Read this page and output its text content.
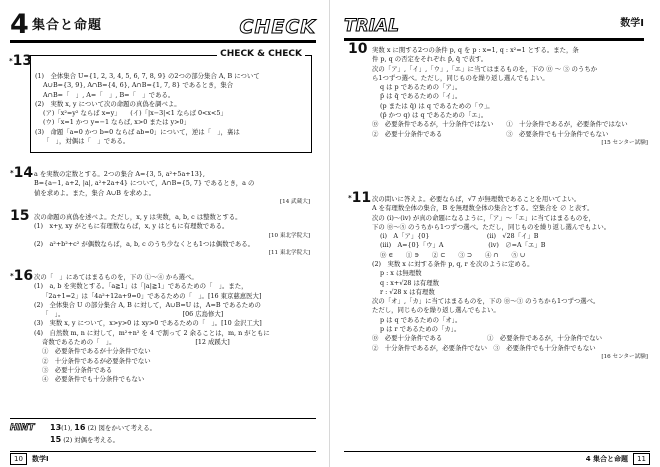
4 集合と命題	CHECK
CHECK & CHECK
*13
(1)　全体集合 U={1, 2, 3, 4, 5, 6, 7, 8, 9} の2つの部分集合 A, B について
A∪B={3, 9}, A∩B={4, 6}, A∩B={1, 7, 8} であるとき，集合
A∩B=「　」, A=「　」, B=「　」である。
(2)　実数 x, y について次の命題の真偽を調べよ。
(ア)「x²=y² ならば x=y」　　(イ)「|x−3|<1 ならば 0<x<5」
(ウ)「x=1 かつ y=−1 ならば, x>0 または y>0」
(3)　命題「a=0 かつ b=0 ならば ab=0」について，逆は「　」，裏は
「　」，対偶は「　」である。
*14 a を実数の定数とする。2つの集合 A={3, 5, a²+5a+13},
B={a−1, a+2, |a|, a²+2a+4} について，A∩B={5, 7} であるとき，a の
値を求めよ。また，集合 A∪B を求めよ。
[14 武蔵大]
15 次の命題の真偽を述べよ。ただし，x, y は実数，a, b, c は整数とする。
(1)　x+y, xy がともに有理数ならば，x, y はともに有理数である。
[10 東北学院大]
(2)　a²+b²+c² が偶数ならば，a, b, c のうち少なくとも1つは偶数である。
[11 東北学院大]
*16 次の「　」にあてはまるものを，下の ①〜④ から選べ。
(1)　a, b を実数とする。「a≧1」は「|a|≧1」であるための「　」。また，
「2a+1=2」は「4a²+12a+9=0」であるための「　」。[16 東京慈恵医大]
(2)　全体集合 U の部分集合 A, B に対して，A∪B=U は，A=B であるための
「　」。　　　　　　　　　　　　　　　　　　　[06 広島修大]
(3)　実数 x, y について，x>y>0 は xy>0 であるための「　」。[10 金沢工大]
(4)　自然数 m, n に対して，m²+n² を 4 で割って 2 余ることは，m, n がともに
奇数であるための「　」。　　　　　　　　　　　　　[12 成蹊大]
①　必要条件であるが十分条件でない
②　十分条件であるが必要条件でない
③　必要十分条件である
④　必要条件でも十分条件でもない
HINT 13(1), 16 (2) 図をかいて考える。
15 (2) 対偶を考える。
10	数学Ⅰ
TRIAL	数学Ⅰ
10 実数 x に関する2つの条件 p, q を p : x=1, q : x²=1 とする。また，条
件 p, q の否定をそれぞれ p̄, q̄ で表す。
次の「ア」,「イ」,「ウ」,「エ」に当てはまるものを，下の ⓪ 〜 ③ のうちか
ら1つずつ選べ。ただし，同じものを繰り返し選んでもよい。
q は p であるための「ア」。
p̄ は q̄ であるための「イ」。
(p または q̄) は q であるための「ウ」。
(p̄ かつ q) は q であるための「エ」。
⓪　必要条件であるが，十分条件ではない　　①　十分条件であるが，必要条件ではない
②　必要十分条件である　　　　　　　　　　③　必要条件でも十分条件でもない
[15 センター試験]
*11 次の問いに答えよ。必要ならば，√7 が無理数であることを用いてよい。
A を有理数全体の集合，B を無理数全体の集合とする。空集合を ∅ と表す。
次の (i)〜(iv) が真の命題になるように，「ア」〜「エ」に当てはまるものを，
下の ⓪〜⑤ のうちから1つずつ選べ。ただし，同じものを繰り返し選んでもよい。
(i)　A「ア」{0}　　　　　　　　　(ii)　√28「イ」B
(iii)　A={0}「ウ」A　　　　　　　(iv)　∅=A「エ」B
⓪ ∈　　① ∋　　② ⊂　　③ ⊃　　④ ∩　　⑤ ∪
(2)　実数 x に対する条件 p, q, r を次のように定める。
p : x は無理数
q : x+√28 は有理数
r : √28 x は有理数
次の「オ」,「カ」に当てはまるものを，下の ⓪〜③ のうちから1つずつ選べ。
ただし，同じものを繰り返し選んでもよい。
p は q であるための「オ」。
p は r であるための「カ」。
⓪　必要十分条件である　　　　　　　①　必要条件であるが，十分条件でない
②　十分条件であるが，必要条件でない　③　必要条件でも十分条件でもない
[16 センター試験]
4 集合と命題	11
